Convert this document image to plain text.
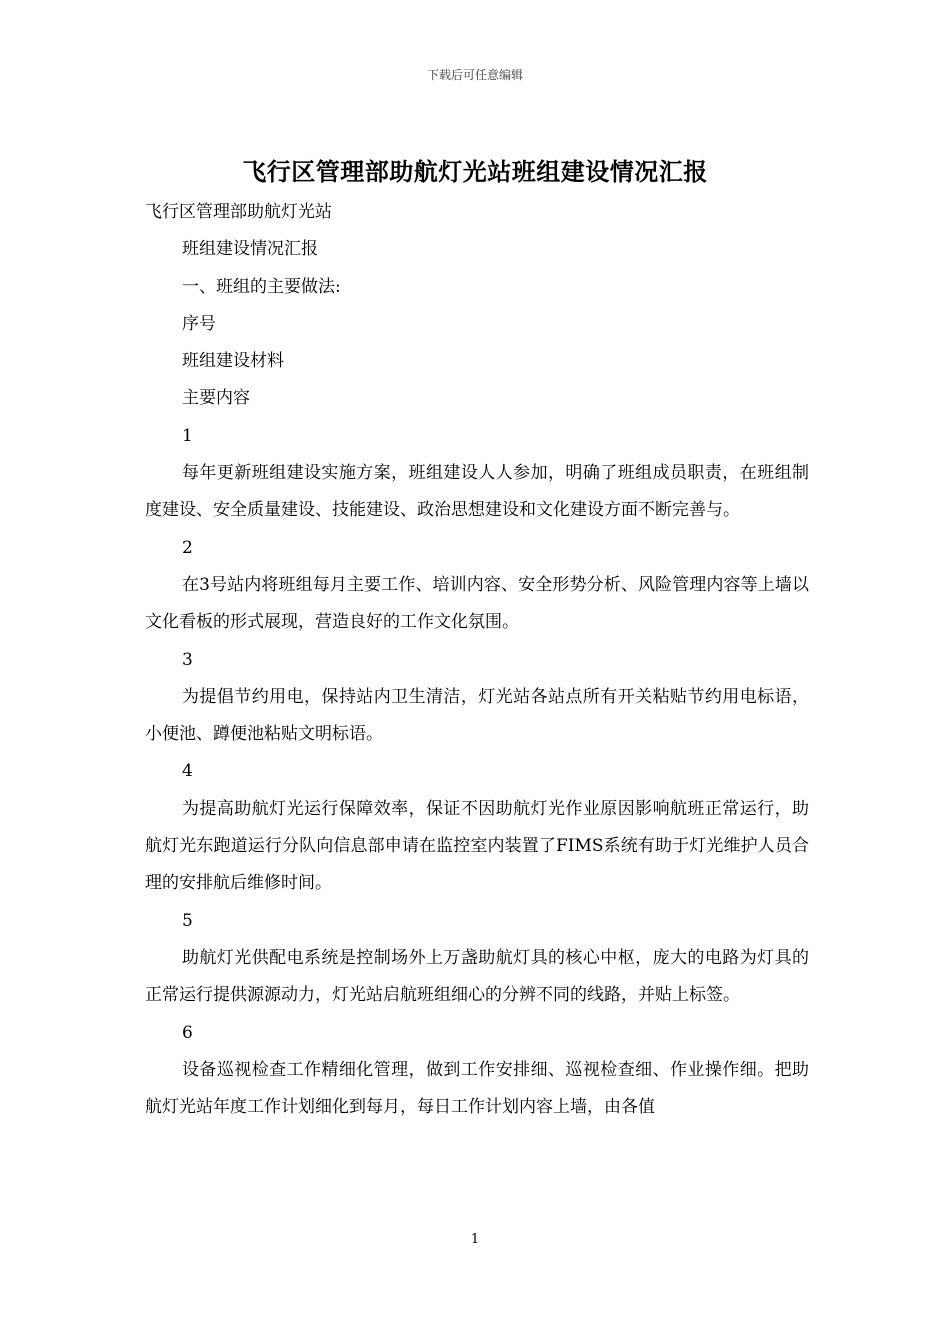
下载后可任意编辑
飞行区管理部助航灯光站班组建设情况汇报

飞行区管理部助航灯光站

班组建设情况汇报

一、班组的主要做法:

序号

班组建设材料

主要内容

1

每年更新班组建设实施方案，班组建设人人参加，明确了班组成员职责，在班组制度建设、安全质量建设、技能建设、政治思想建设和文化建设方面不断完善与。

2

在3号站内将班组每月主要工作、培训内容、安全形势分析、风险管理内容等上墙以文化看板的形式展现，营造良好的工作文化氛围。

3

为提倡节约用电，保持站内卫生清洁，灯光站各站点所有开关粘贴节约用电标语，小便池、蹲便池粘贴文明标语。

4

为提高助航灯光运行保障效率，保证不因助航灯光作业原因影响航班正常运行，助航灯光东跑道运行分队向信息部申请在监控室内装置了FIMS系统有助于灯光维护人员合理的安排航后维修时间。

5

助航灯光供配电系统是控制场外上万盏助航灯具的核心中枢，庞大的电路为灯具的正常运行提供源源动力，灯光站启航班组细心的分辨不同的线路，并贴上标签。

6

设备巡视检查工作精细化管理，做到工作安排细、巡视检查细、作业操作细。把助航灯光站年度工作计划细化到每月，每日工作计划内容上墙，由各值

1
